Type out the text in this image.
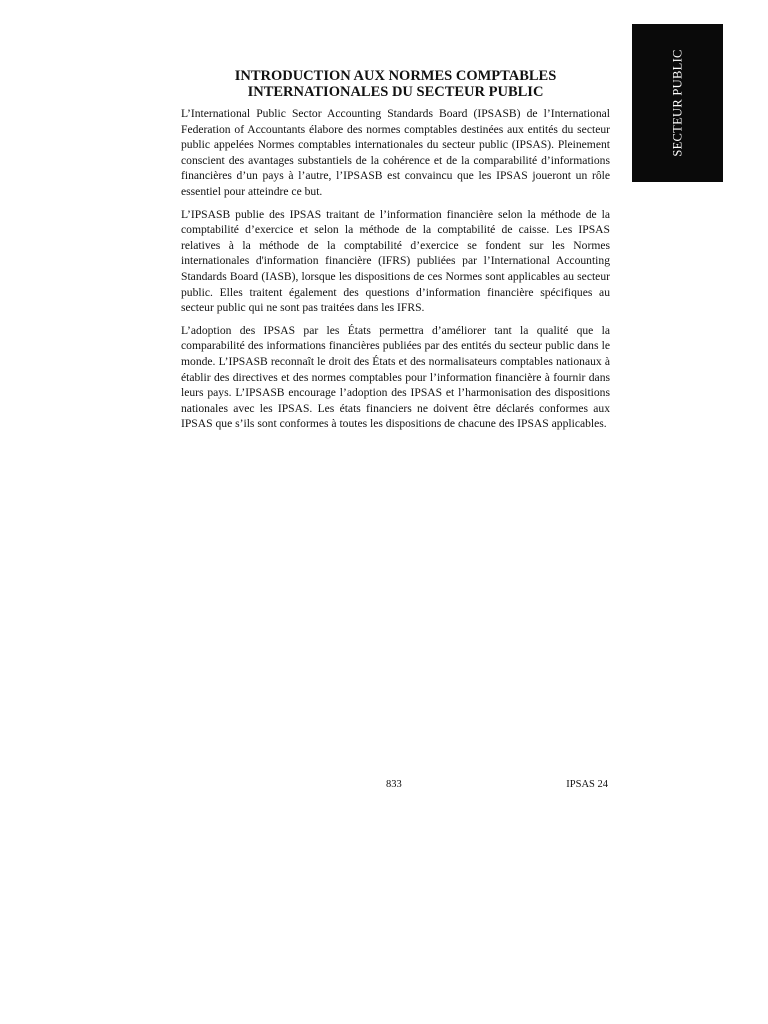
SECTEUR PUBLIC
INTRODUCTION AUX NORMES COMPTABLES
INTERNATIONALES DU SECTEUR PUBLIC

L’International Public Sector Accounting Standards Board (IPSASB) de l’International Federation of Accountants élabore des normes comptables destinées aux entités du secteur public appelées Normes comptables internationales du secteur public (IPSAS). Pleinement conscient des avantages substantiels de la cohérence et de la comparabilité d’informations financières d’un pays à l’autre, l’IPSASB est convaincu que les IPSAS joueront un rôle essentiel pour atteindre ce but.

L’IPSASB publie des IPSAS traitant de l’information financière selon la méthode de la comptabilité d’exercice et selon la méthode de la comptabilité de caisse. Les IPSAS relatives à la méthode de la comptabilité d’exercice se fondent sur les Normes internationales d'information financière (IFRS) publiées par l’International Accounting Standards Board (IASB), lorsque les dispositions de ces Normes sont applicables au secteur public. Elles traitent également des questions d’information financière spécifiques au secteur public qui ne sont pas traitées dans les IFRS.

L’adoption des IPSAS par les États permettra d’améliorer tant la qualité que la comparabilité des informations financières publiées par des entités du secteur public dans le monde. L’IPSASB reconnaît le droit des États et des normalisateurs comptables nationaux à établir des directives et des normes comptables pour l’information financière à fournir dans leurs pays. L’IPSASB encourage l’adoption des IPSAS et l’harmonisation des dispositions nationales avec les IPSAS. Les états financiers ne doivent être déclarés conformes aux IPSAS que s’ils sont conformes à toutes les dispositions de chacune des IPSAS applicables.

833	IPSAS 24
